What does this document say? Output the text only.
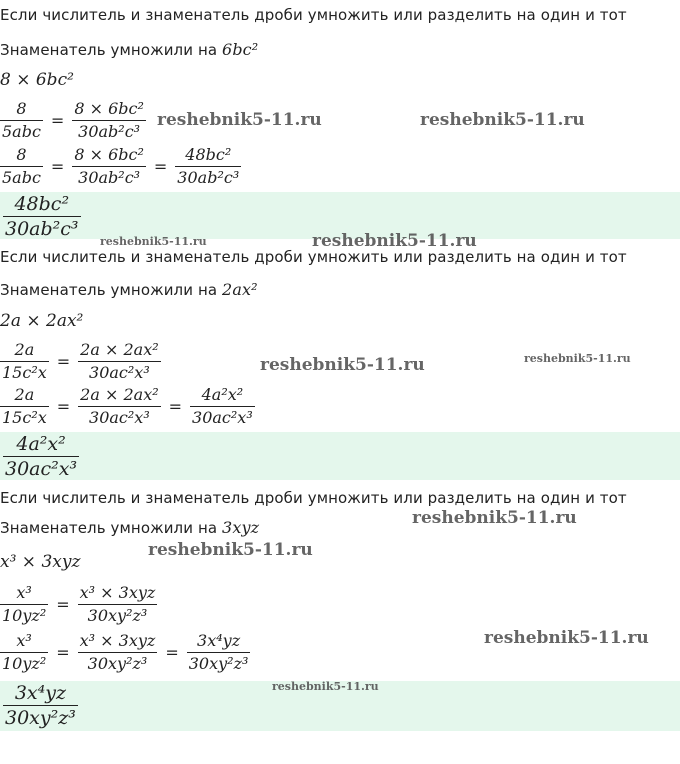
Если числитель и знаменатель дроби умножить или разделить на один и тот
Знаменатель умножили на 6bc²
8 × 6bc²
$\frac{8}{\text{5abc}} = \frac{\text{8 × 6bc²}}{\text{30ab²c³}}$
$\frac{8}{\text{5abc}} = \frac{\text{8 × 6bc²}}{\text{30ab²c³}} = \frac{\text{48bc²}}{\text{30ab²c³}}$
$\frac{\text{48bc²}}{\text{30ab²c³}}$
Если числитель и знаменатель дроби умножить или разделить на один и тот
Знаменатель умножили на 2ax²
2a × 2ax²
$\frac{2a}{\text{15c²x}} = \frac{\text{2a × 2ax²}}{\text{30ac²x³}}$
$\frac{2a}{\text{15c²x}} = \frac{\text{2a × 2ax²}}{\text{30ac²x³}} = \frac{\text{4a²x²}}{\text{30ac²x³}}$
$\frac{\text{4a²x²}}{\text{30ac²x³}}$
Если числитель и знаменатель дроби умножить или разделить на один и тот
Знаменатель умножили на 3xyz
x³ × 3xyz
$\frac{\text{x³}}{\text{10yz²}} = \frac{\text{x³ × 3xyz}}{\text{30xy²z³}}$
$\frac{\text{x³}}{\text{10yz²}} = \frac{\text{x³ × 3xyz}}{\text{30xy²z³}} = \frac{\text{3x⁴yz}}{\text{30xy²z³}}$
$\frac{\text{3x⁴yz}}{\text{30xy²z³}}$
reshebnik5-11.ru	reshebnik5-11.ru
reshebnik5-11.ru	reshebnik5-11.ru
reshebnik5-11.ru	reshebnik5-11.ru
reshebnik5-11.ru
reshebnik5-11.ru
reshebnik5-11.ru
reshebnik5-11.ru
